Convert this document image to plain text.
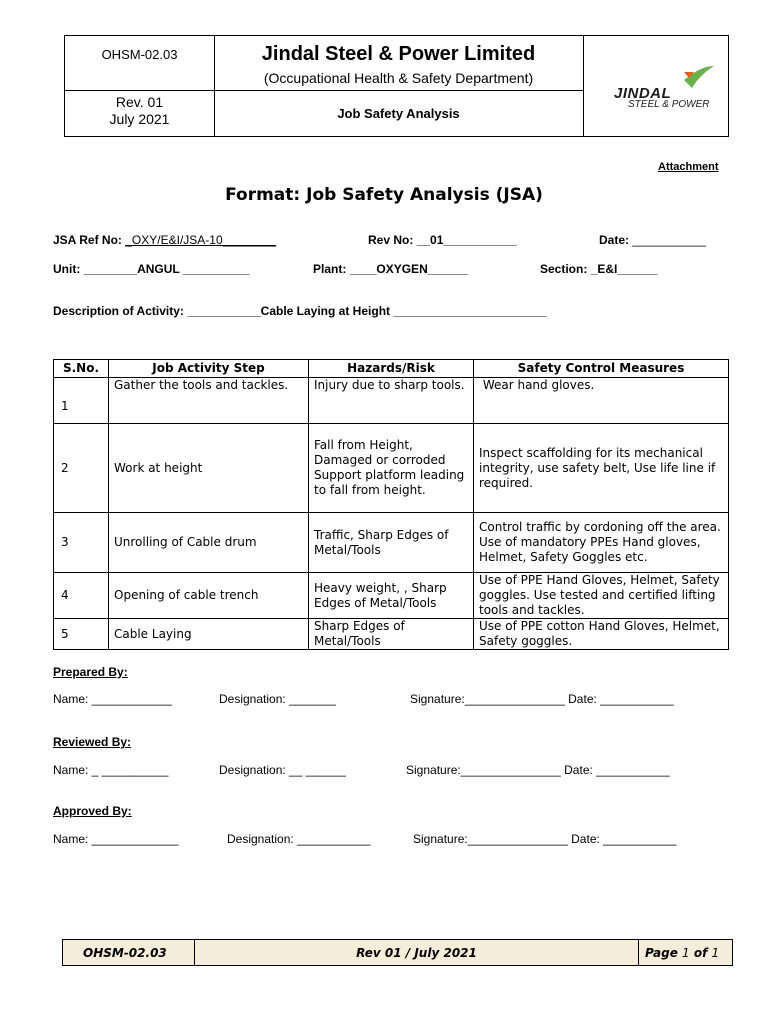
OHSM-02.03	Jindal Steel & Power Limited
(Occupational Health & Safety Department)
Rev. 01
July 2021	Job Safety Analysis
JINDAL
STEEL & POWER
Attachment
Format: Job Safety Analysis (JSA)
JSA Ref No: _OXY/E&I/JSA-10________	Rev No: __01___________	Date: ___________
Unit: ________ANGUL __________	Plant: ____OXYGEN______	Section: _E&I______
Description of Activity: ___________Cable Laying at Height _______________________
S.No.	Job Activity Step	Hazards/Risk	Safety Control Measures
1	Gather the tools and tackles.	Injury due to sharp tools.	Wear hand gloves.
2	Work at height	Fall from Height, Damaged or corroded Support platform leading to fall from height.	Inspect scaffolding for its mechanical integrity, use safety belt, Use life line if required.
3	Unrolling of Cable drum	Traffic, Sharp Edges of Metal/Tools	Control traffic by cordoning off the area. Use of mandatory PPEs Hand gloves, Helmet, Safety Goggles etc.
4	Opening of cable trench	Heavy weight, , Sharp Edges of Metal/Tools	Use of PPE Hand Gloves, Helmet, Safety goggles. Use tested and certified lifting tools and tackles.
5	Cable Laying	Sharp Edges of Metal/Tools	Use of PPE cotton Hand Gloves, Helmet, Safety goggles.
Prepared By:
Name: ____________	Designation: _______	Signature:_______________ Date: ___________
Reviewed By:
Name: _ __________	Designation: __ ______	Signature:_______________ Date: ___________
Approved By:
Name: _____________	Designation: ___________	Signature:_______________ Date: ___________
OHSM-02.03	Rev 01 / July 2021	Page 1 of 1
